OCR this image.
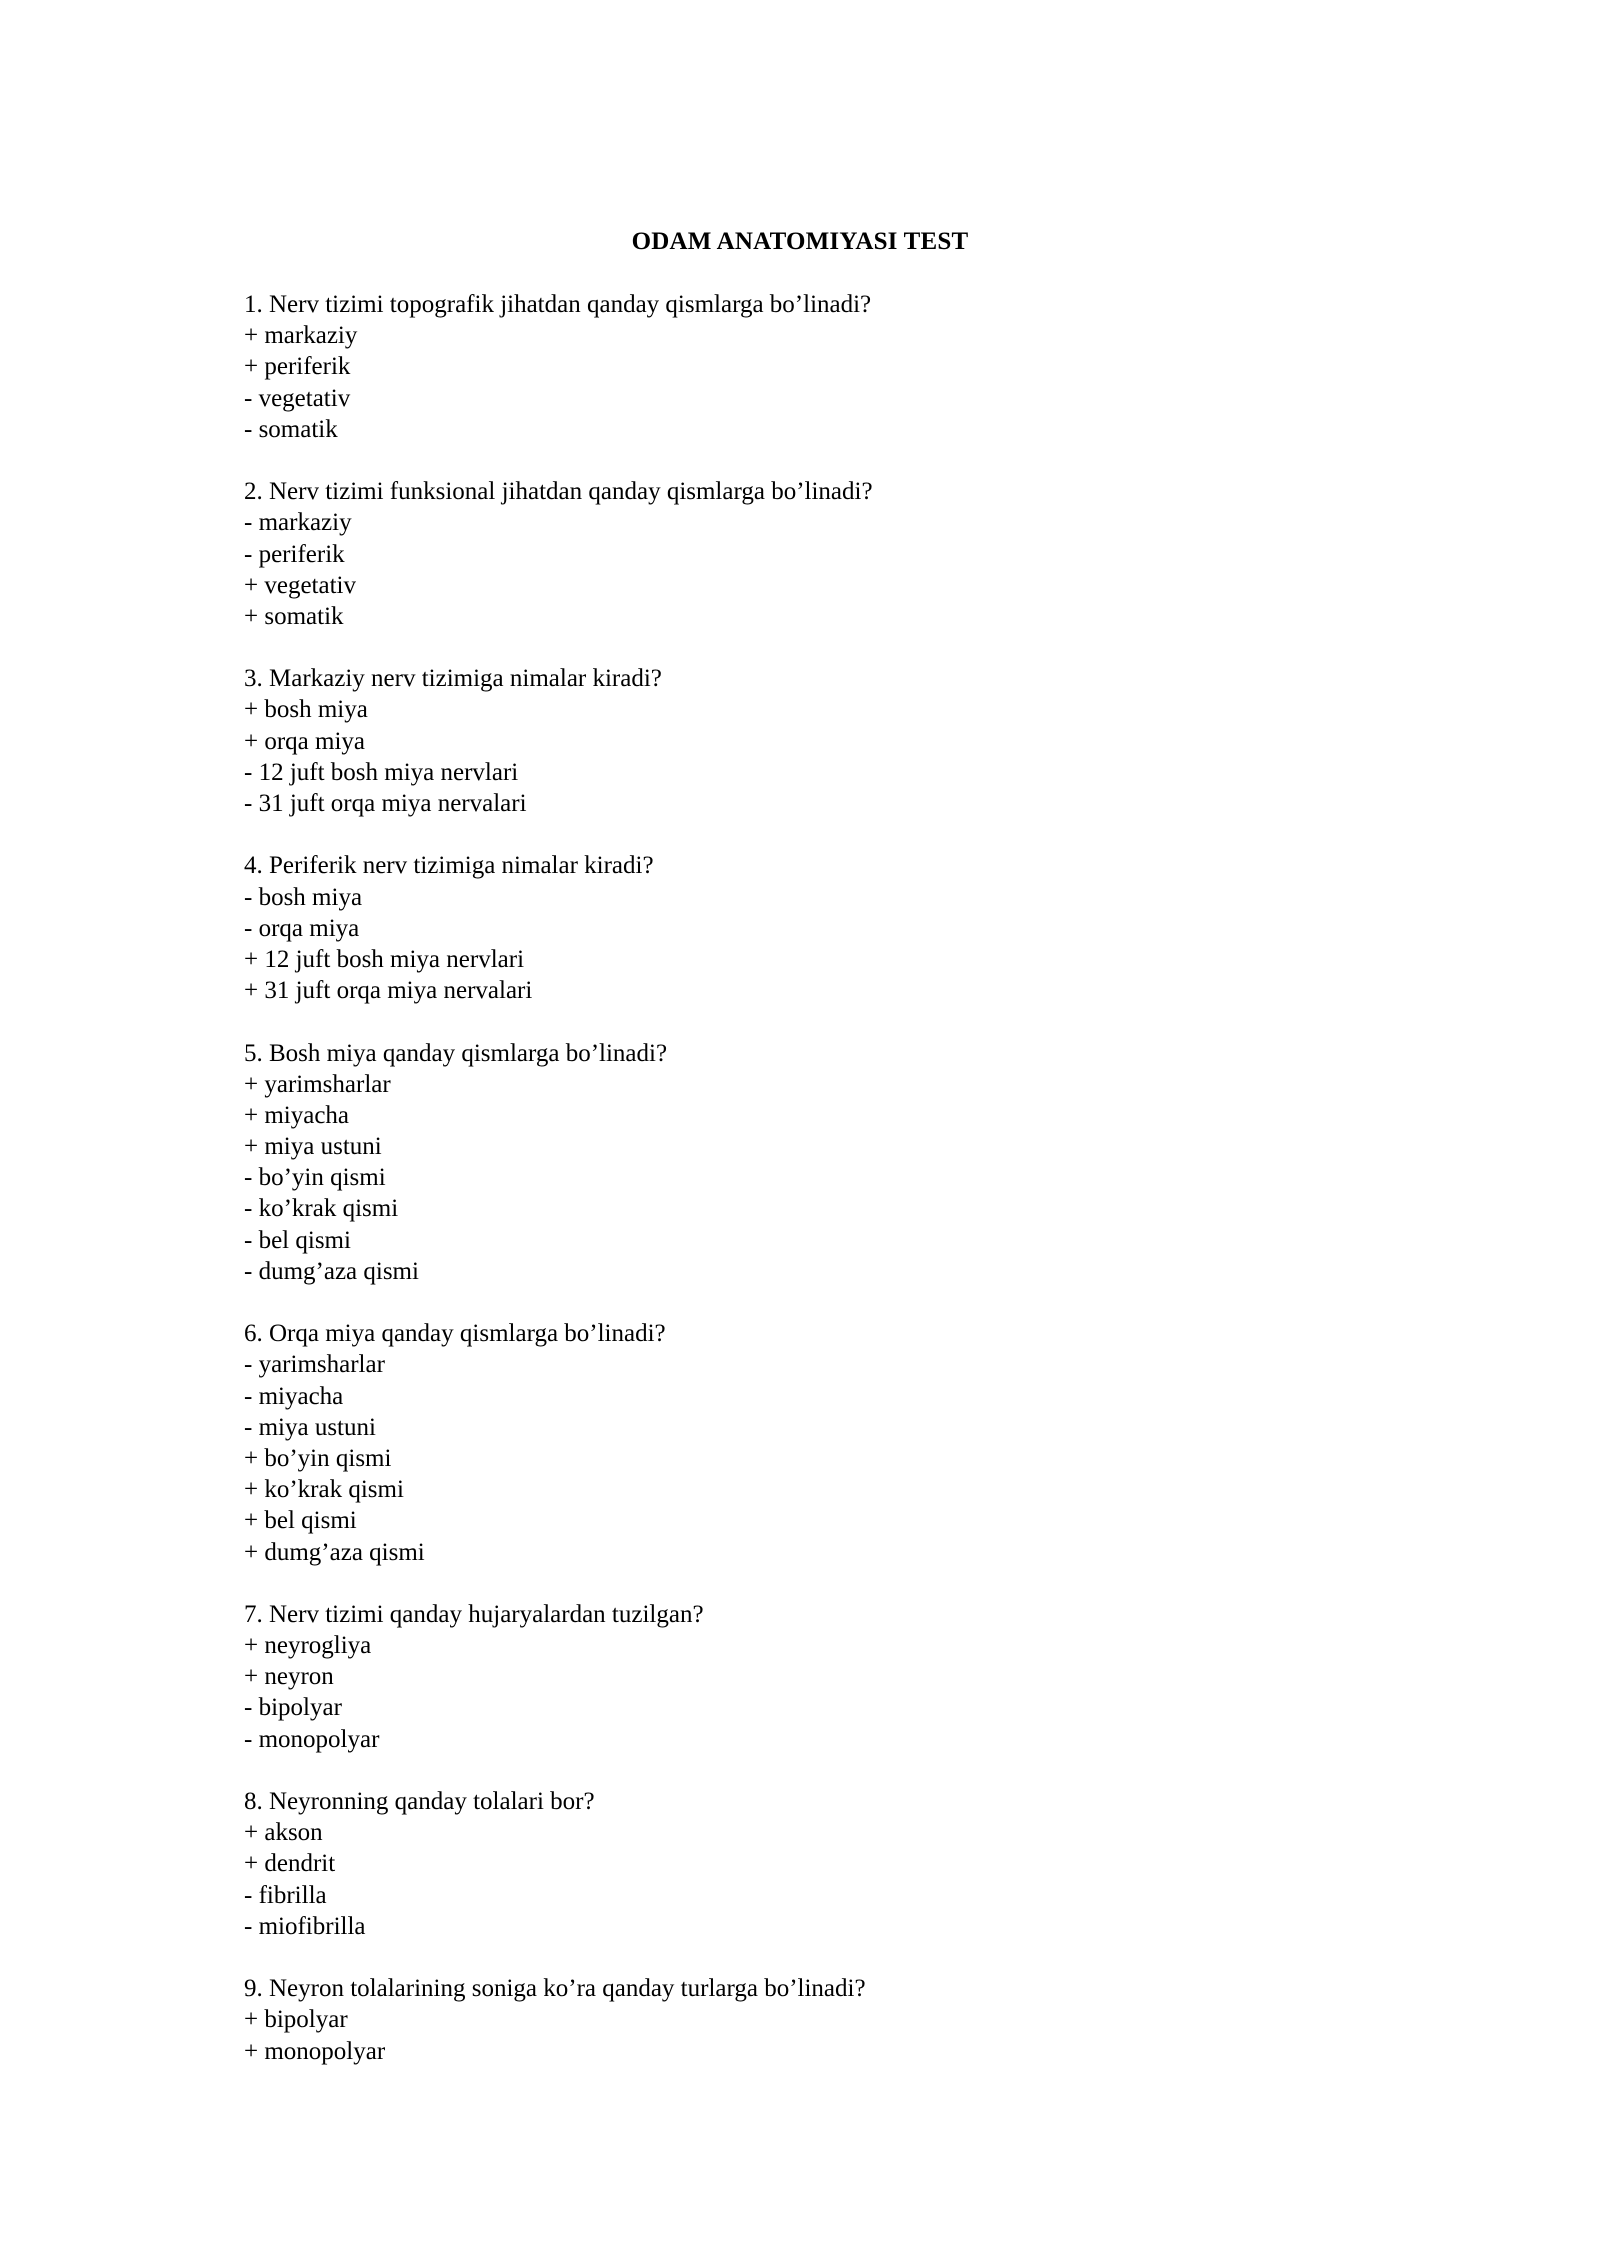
ODAM ANATOMIYASI TEST
1. Nerv tizimi topografik jihatdan qanday qismlarga bo’linadi?
+ markaziy
+ periferik
- vegetativ
- somatik
2. Nerv tizimi funksional jihatdan qanday qismlarga bo’linadi?
- markaziy
- periferik
+ vegetativ
+ somatik
3. Markaziy nerv tizimiga nimalar kiradi?
+ bosh miya
+ orqa miya
- 12 juft bosh miya nervlari
- 31 juft orqa miya nervalari
4. Periferik nerv tizimiga nimalar kiradi?
- bosh miya
- orqa miya
+ 12 juft bosh miya nervlari
+ 31 juft orqa miya nervalari
5. Bosh miya qanday qismlarga bo’linadi?
+ yarimsharlar
+ miyacha
+ miya ustuni
- bo’yin qismi
- ko’krak qismi
- bel qismi
- dumg’aza qismi
6. Orqa miya qanday qismlarga bo’linadi?
- yarimsharlar
- miyacha
- miya ustuni
+ bo’yin qismi
+ ko’krak qismi
+ bel qismi
+ dumg’aza qismi
7. Nerv tizimi qanday hujaryalardan tuzilgan?
+ neyrogliya
+ neyron
- bipolyar
- monopolyar
8. Neyronning qanday tolalari bor?
+ akson
+ dendrit
- fibrilla
- miofibrilla
9. Neyron tolalarining soniga ko’ra qanday turlarga bo’linadi?
+ bipolyar
+ monopolyar
